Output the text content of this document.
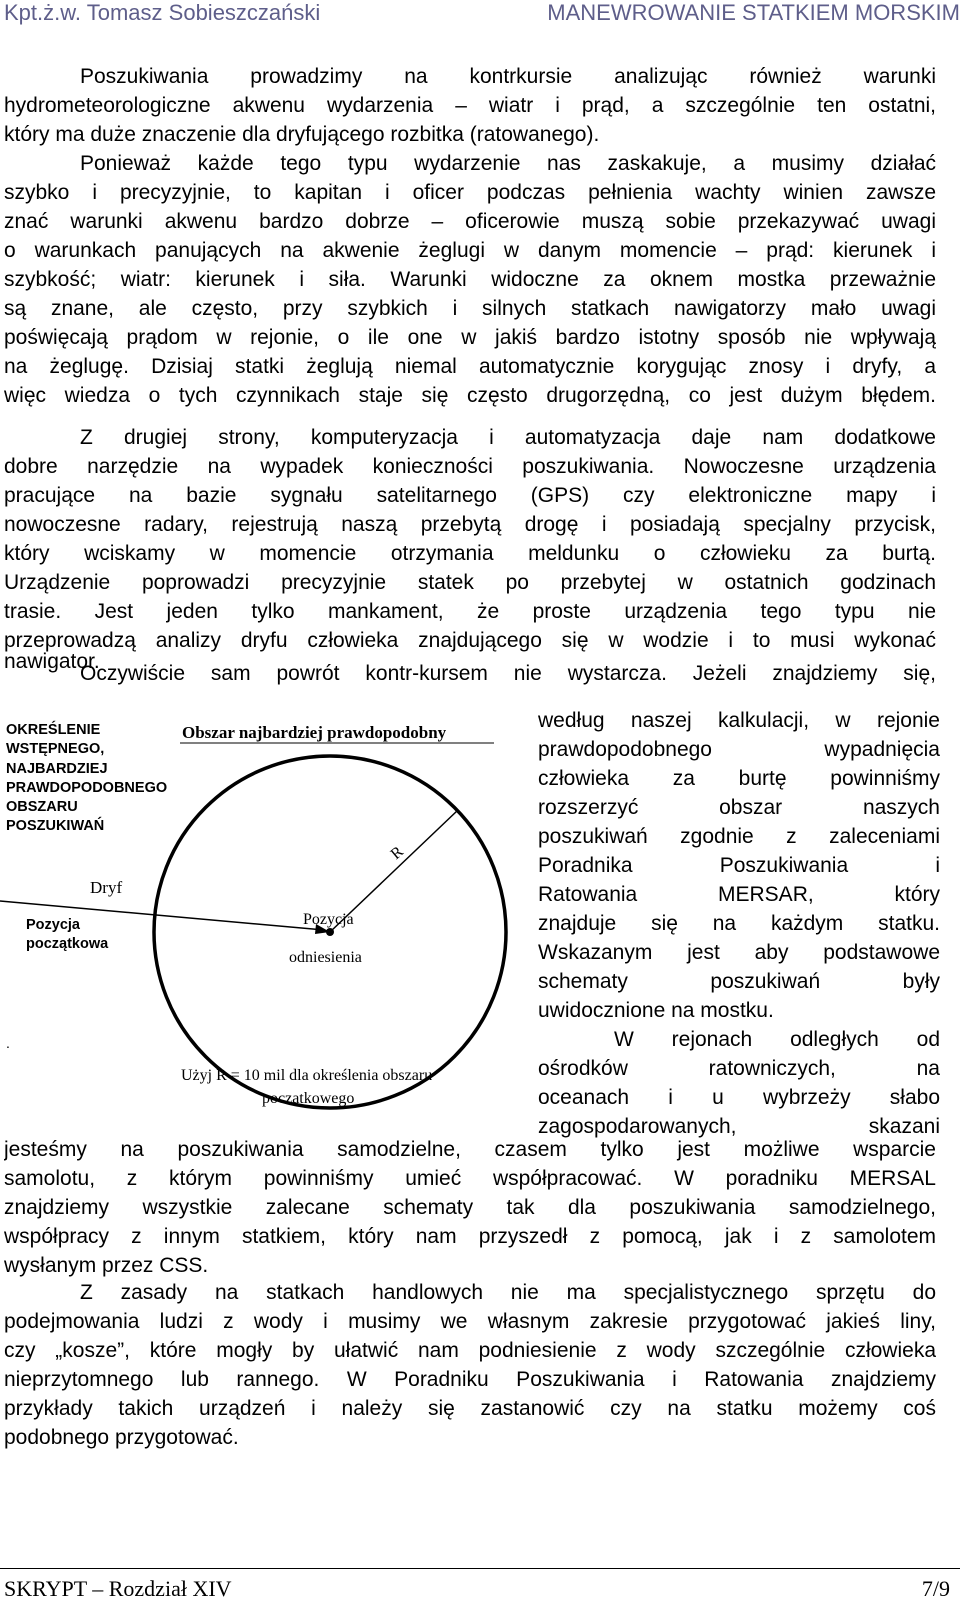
Kpt.ż.w. Tomasz Sobieszczański	MANEWROWANIE STATKIEM MORSKIM
Poszukiwania prowadzimy na kontrkursie analizując również warunki
hydrometeorologiczne akwenu wydarzenia – wiatr i prąd, a szczególnie ten ostatni,
który ma duże znaczenie dla dryfującego rozbitka (ratowanego).
Ponieważ każde tego typu wydarzenie nas zaskakuje, a musimy działać
szybko i precyzyjnie, to kapitan i oficer podczas pełnienia wachty winien zawsze
znać warunki akwenu bardzo dobrze – oficerowie muszą sobie przekazywać uwagi
o warunkach panujących na akwenie żeglugi w danym momencie – prąd: kierunek i
szybkość; wiatr: kierunek i siła. Warunki widoczne za oknem mostka przeważnie
są znane, ale często, przy szybkich i silnych statkach nawigatorzy mało uwagi
poświęcają prądom w rejonie, o ile one w jakiś bardzo istotny sposób nie wpływają
na żeglugę. Dzisiaj statki żeglują niemal automatycznie korygując znosy i dryfy, a
więc wiedza o tych czynnikach staje się często drugorzędną, co jest dużym błędem.
Z drugiej strony, komputeryzacja i automatyzacja daje nam dodatkowe
dobre narzędzie na wypadek konieczności poszukiwania. Nowoczesne urządzenia
pracujące na bazie sygnału satelitarnego (GPS) czy elektroniczne mapy i
nowoczesne radary, rejestrują naszą przebytą drogę i posiadają specjalny przycisk,
który wciskamy w momencie otrzymania meldunku o człowieku za burtą.
Urządzenie poprowadzi precyzyjnie statek po przebytej w ostatnich godzinach
trasie. Jest jeden tylko mankament, że proste urządzenia tego typu nie
przeprowadzą analizy dryfu człowieka znajdującego się w wodzie i to musi wykonać
nawigator.
Oczywiście sam powrót kontr-kursem nie wystarcza. Jeżeli znajdziemy się,
Obszar najbardziej prawdopodobny
OKREŚLENIE
WSTĘPNEGO,
NAJBARDZIEJ
PRAWDOPODOBNEGO
OBSZARU
POSZUKIWAŃ
R
Dryf
Pozycja
początkowa
Pozycja
odniesienia
.
Użyj R = 10 mil dla określenia obszaru
początkowego
według naszej kalkulacji, w rejonie
prawdopodobnego wypadnięcia
człowieka za burtę powinniśmy
rozszerzyć obszar naszych
poszukiwań zgodnie z zaleceniami
Poradnika Poszukiwania i
Ratowania MERSAR, który
znajduje się na każdym statku.
Wskazanym jest aby podstawowe
schematy poszukiwań były
uwidocznione na mostku.
W rejonach odległych od
ośrodków ratowniczych, na
oceanach i u wybrzeży słabo
zagospodarowanych, skazani
jesteśmy na poszukiwania samodzielne, czasem tylko jest możliwe wsparcie
samolotu, z którym powinniśmy umieć współpracować. W poradniku MERSAL
znajdziemy wszystkie zalecane schematy tak dla poszukiwania samodzielnego,
współpracy z innym statkiem, który nam przyszedł z pomocą, jak i z samolotem
wysłanym przez CSS.
Z zasady na statkach handlowych nie ma specjalistycznego sprzętu do
podejmowania ludzi z wody i musimy we własnym zakresie przygotować jakieś liny,
czy „kosze”, które mogły by ułatwić nam podniesienie z wody szczególnie człowieka
nieprzytomnego lub rannego. W Poradniku Poszukiwania i Ratowania znajdziemy
przykłady takich urządzeń i należy się zastanowić czy na statku możemy coś
podobnego przygotować.
SKRYPT – Rozdział XIV	7/9
